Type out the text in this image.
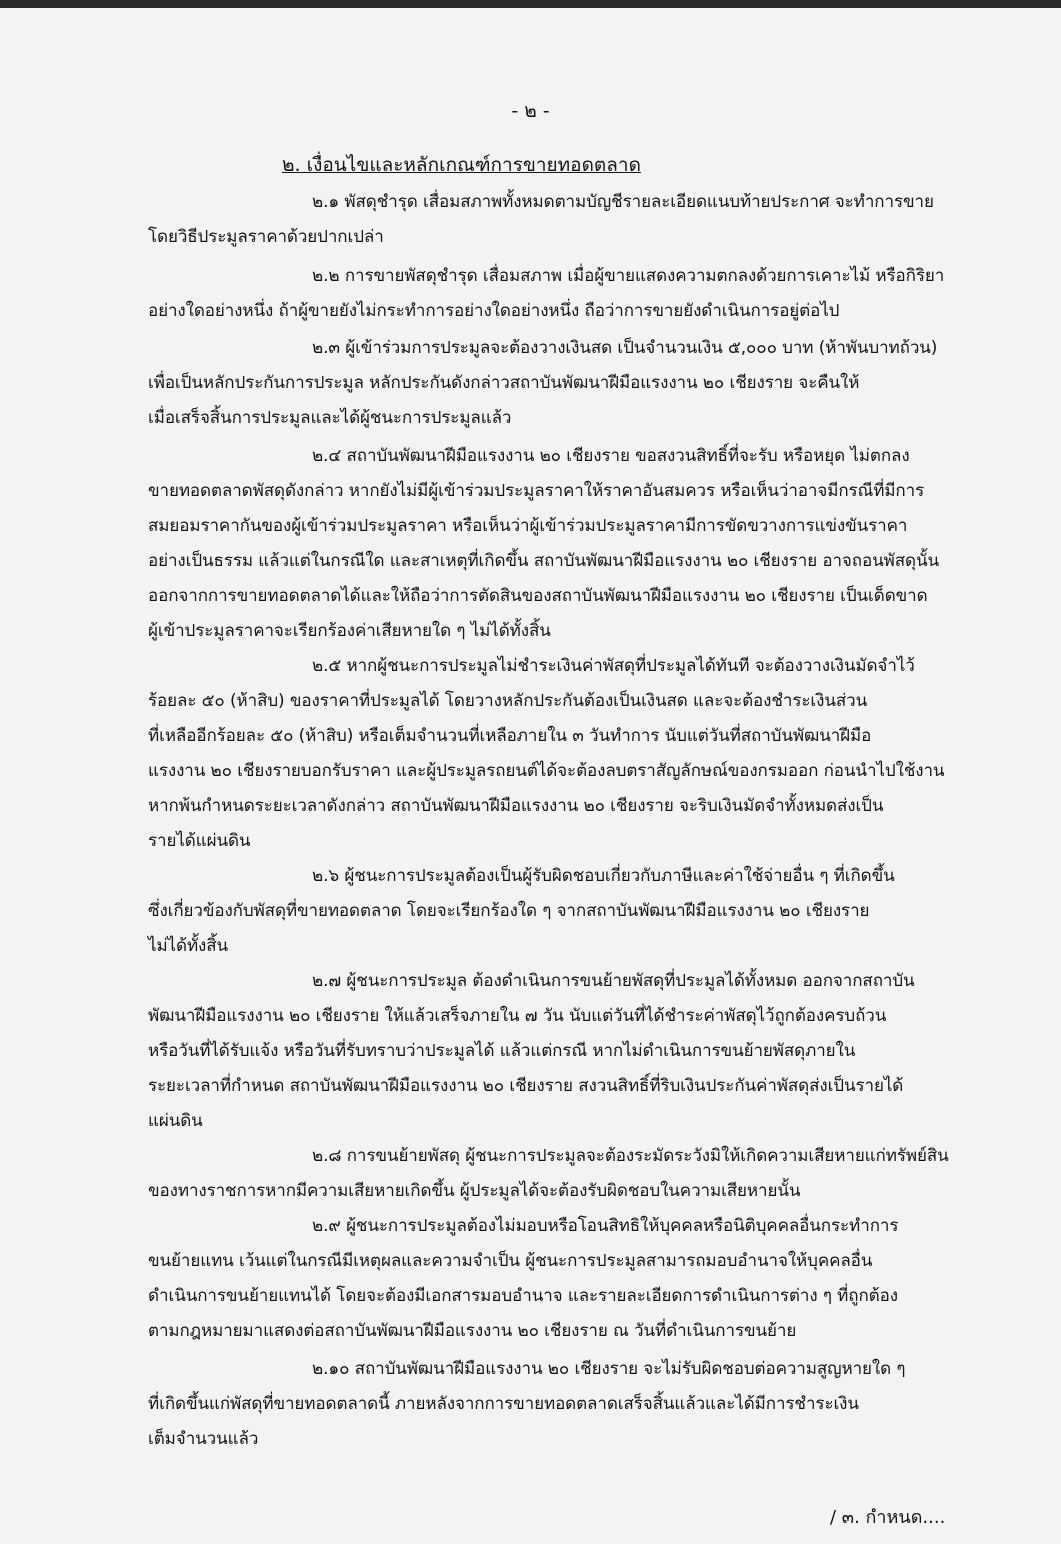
- ๒ -
๒. เงื่อนไขและหลักเกณฑ์การขายทอดตลาด
๒.๑ พัสดุชำรุด เสื่อมสภาพทั้งหมดตามบัญชีรายละเอียดแนบท้ายประกาศ จะทำการขาย
โดยวิธีประมูลราคาด้วยปากเปล่า
๒.๒ การขายพัสดุชำรุด เสื่อมสภาพ เมื่อผู้ขายแสดงความตกลงด้วยการเคาะไม้ หรือกิริยา
อย่างใดอย่างหนึ่ง ถ้าผู้ขายยังไม่กระทำการอย่างใดอย่างหนึ่ง ถือว่าการขายยังดำเนินการอยู่ต่อไป
๒.๓ ผู้เข้าร่วมการประมูลจะต้องวางเงินสด เป็นจำนวนเงิน ๕,๐๐๐ บาท (ห้าพันบาทถ้วน)
เพื่อเป็นหลักประกันการประมูล หลักประกันดังกล่าวสถาบันพัฒนาฝีมือแรงงาน ๒๐ เชียงราย จะคืนให้
เมื่อเสร็จสิ้นการประมูลและได้ผู้ชนะการประมูลแล้ว
๒.๔ สถาบันพัฒนาฝีมือแรงงาน ๒๐ เชียงราย ขอสงวนสิทธิ์ที่จะรับ หรือหยุด ไม่ตกลง
ขายทอดตลาดพัสดุดังกล่าว หากยังไม่มีผู้เข้าร่วมประมูลราคาให้ราคาอันสมควร หรือเห็นว่าอาจมีกรณีที่มีการ
สมยอมราคากันของผู้เข้าร่วมประมูลราคา หรือเห็นว่าผู้เข้าร่วมประมูลราคามีการขัดขวางการแข่งขันราคา
อย่างเป็นธรรม แล้วแต่ในกรณีใด และสาเหตุที่เกิดขึ้น สถาบันพัฒนาฝีมือแรงงาน ๒๐ เชียงราย อาจถอนพัสดุนั้น
ออกจากการขายทอดตลาดได้และให้ถือว่าการตัดสินของสถาบันพัฒนาฝีมือแรงงาน ๒๐ เชียงราย เป็นเด็ดขาด
ผู้เข้าประมูลราคาจะเรียกร้องค่าเสียหายใด ๆ ไม่ได้ทั้งสิ้น
๒.๕ หากผู้ชนะการประมูลไม่ชำระเงินค่าพัสดุที่ประมูลได้ทันที จะต้องวางเงินมัดจำไว้
ร้อยละ ๕๐ (ห้าสิบ) ของราคาที่ประมูลได้ โดยวางหลักประกันต้องเป็นเงินสด และจะต้องชำระเงินส่วน
ที่เหลืออีกร้อยละ ๕๐ (ห้าสิบ) หรือเต็มจำนวนที่เหลือภายใน ๓ วันทำการ นับแต่วันที่สถาบันพัฒนาฝีมือ
แรงงาน ๒๐ เชียงรายบอกรับราคา และผู้ประมูลรถยนต์ได้จะต้องลบตราสัญลักษณ์ของกรมออก ก่อนนำไปใช้งาน
หากพ้นกำหนดระยะเวลาดังกล่าว สถาบันพัฒนาฝีมือแรงงาน ๒๐ เชียงราย จะริบเงินมัดจำทั้งหมดส่งเป็น
รายได้แผ่นดิน
๒.๖ ผู้ชนะการประมูลต้องเป็นผู้รับผิดชอบเกี่ยวกับภาษีและค่าใช้จ่ายอื่น ๆ ที่เกิดขึ้น
ซึ่งเกี่ยวข้องกับพัสดุที่ขายทอดตลาด โดยจะเรียกร้องใด ๆ จากสถาบันพัฒนาฝีมือแรงงาน ๒๐ เชียงราย
ไม่ได้ทั้งสิ้น
๒.๗ ผู้ชนะการประมูล ต้องดำเนินการขนย้ายพัสดุที่ประมูลได้ทั้งหมด ออกจากสถาบัน
พัฒนาฝีมือแรงงาน ๒๐ เชียงราย ให้แล้วเสร็จภายใน ๗ วัน นับแต่วันที่ได้ชำระค่าพัสดุไว้ถูกต้องครบถ้วน
หรือวันที่ได้รับแจ้ง หรือวันที่รับทราบว่าประมูลได้ แล้วแต่กรณี หากไม่ดำเนินการขนย้ายพัสดุภายใน
ระยะเวลาที่กำหนด สถาบันพัฒนาฝีมือแรงงาน ๒๐ เชียงราย สงวนสิทธิ์ที่ริบเงินประกันค่าพัสดุส่งเป็นรายได้
แผ่นดิน
๒.๘ การขนย้ายพัสดุ ผู้ชนะการประมูลจะต้องระมัดระวังมิให้เกิดความเสียหายแก่ทรัพย์สิน
ของทางราชการหากมีความเสียหายเกิดขึ้น ผู้ประมูลได้จะต้องรับผิดชอบในความเสียหายนั้น
๒.๙ ผู้ชนะการประมูลต้องไม่มอบหรือโอนสิทธิให้บุคคลหรือนิติบุคคลอื่นกระทำการ
ขนย้ายแทน เว้นแต่ในกรณีมีเหตุผลและความจำเป็น ผู้ชนะการประมูลสามารถมอบอำนาจให้บุคคลอื่น
ดำเนินการขนย้ายแทนได้ โดยจะต้องมีเอกสารมอบอำนาจ และรายละเอียดการดำเนินการต่าง ๆ ที่ถูกต้อง
ตามกฎหมายมาแสดงต่อสถาบันพัฒนาฝีมือแรงงาน ๒๐ เชียงราย ณ วันที่ดำเนินการขนย้าย
๒.๑๐ สถาบันพัฒนาฝีมือแรงงาน ๒๐ เชียงราย จะไม่รับผิดชอบต่อความสูญหายใด ๆ
ที่เกิดขึ้นแก่พัสดุที่ขายทอดตลาดนี้ ภายหลังจากการขายทอดตลาดเสร็จสิ้นแล้วและได้มีการชำระเงิน
เต็มจำนวนแล้ว
/ ๓. กำหนด....
